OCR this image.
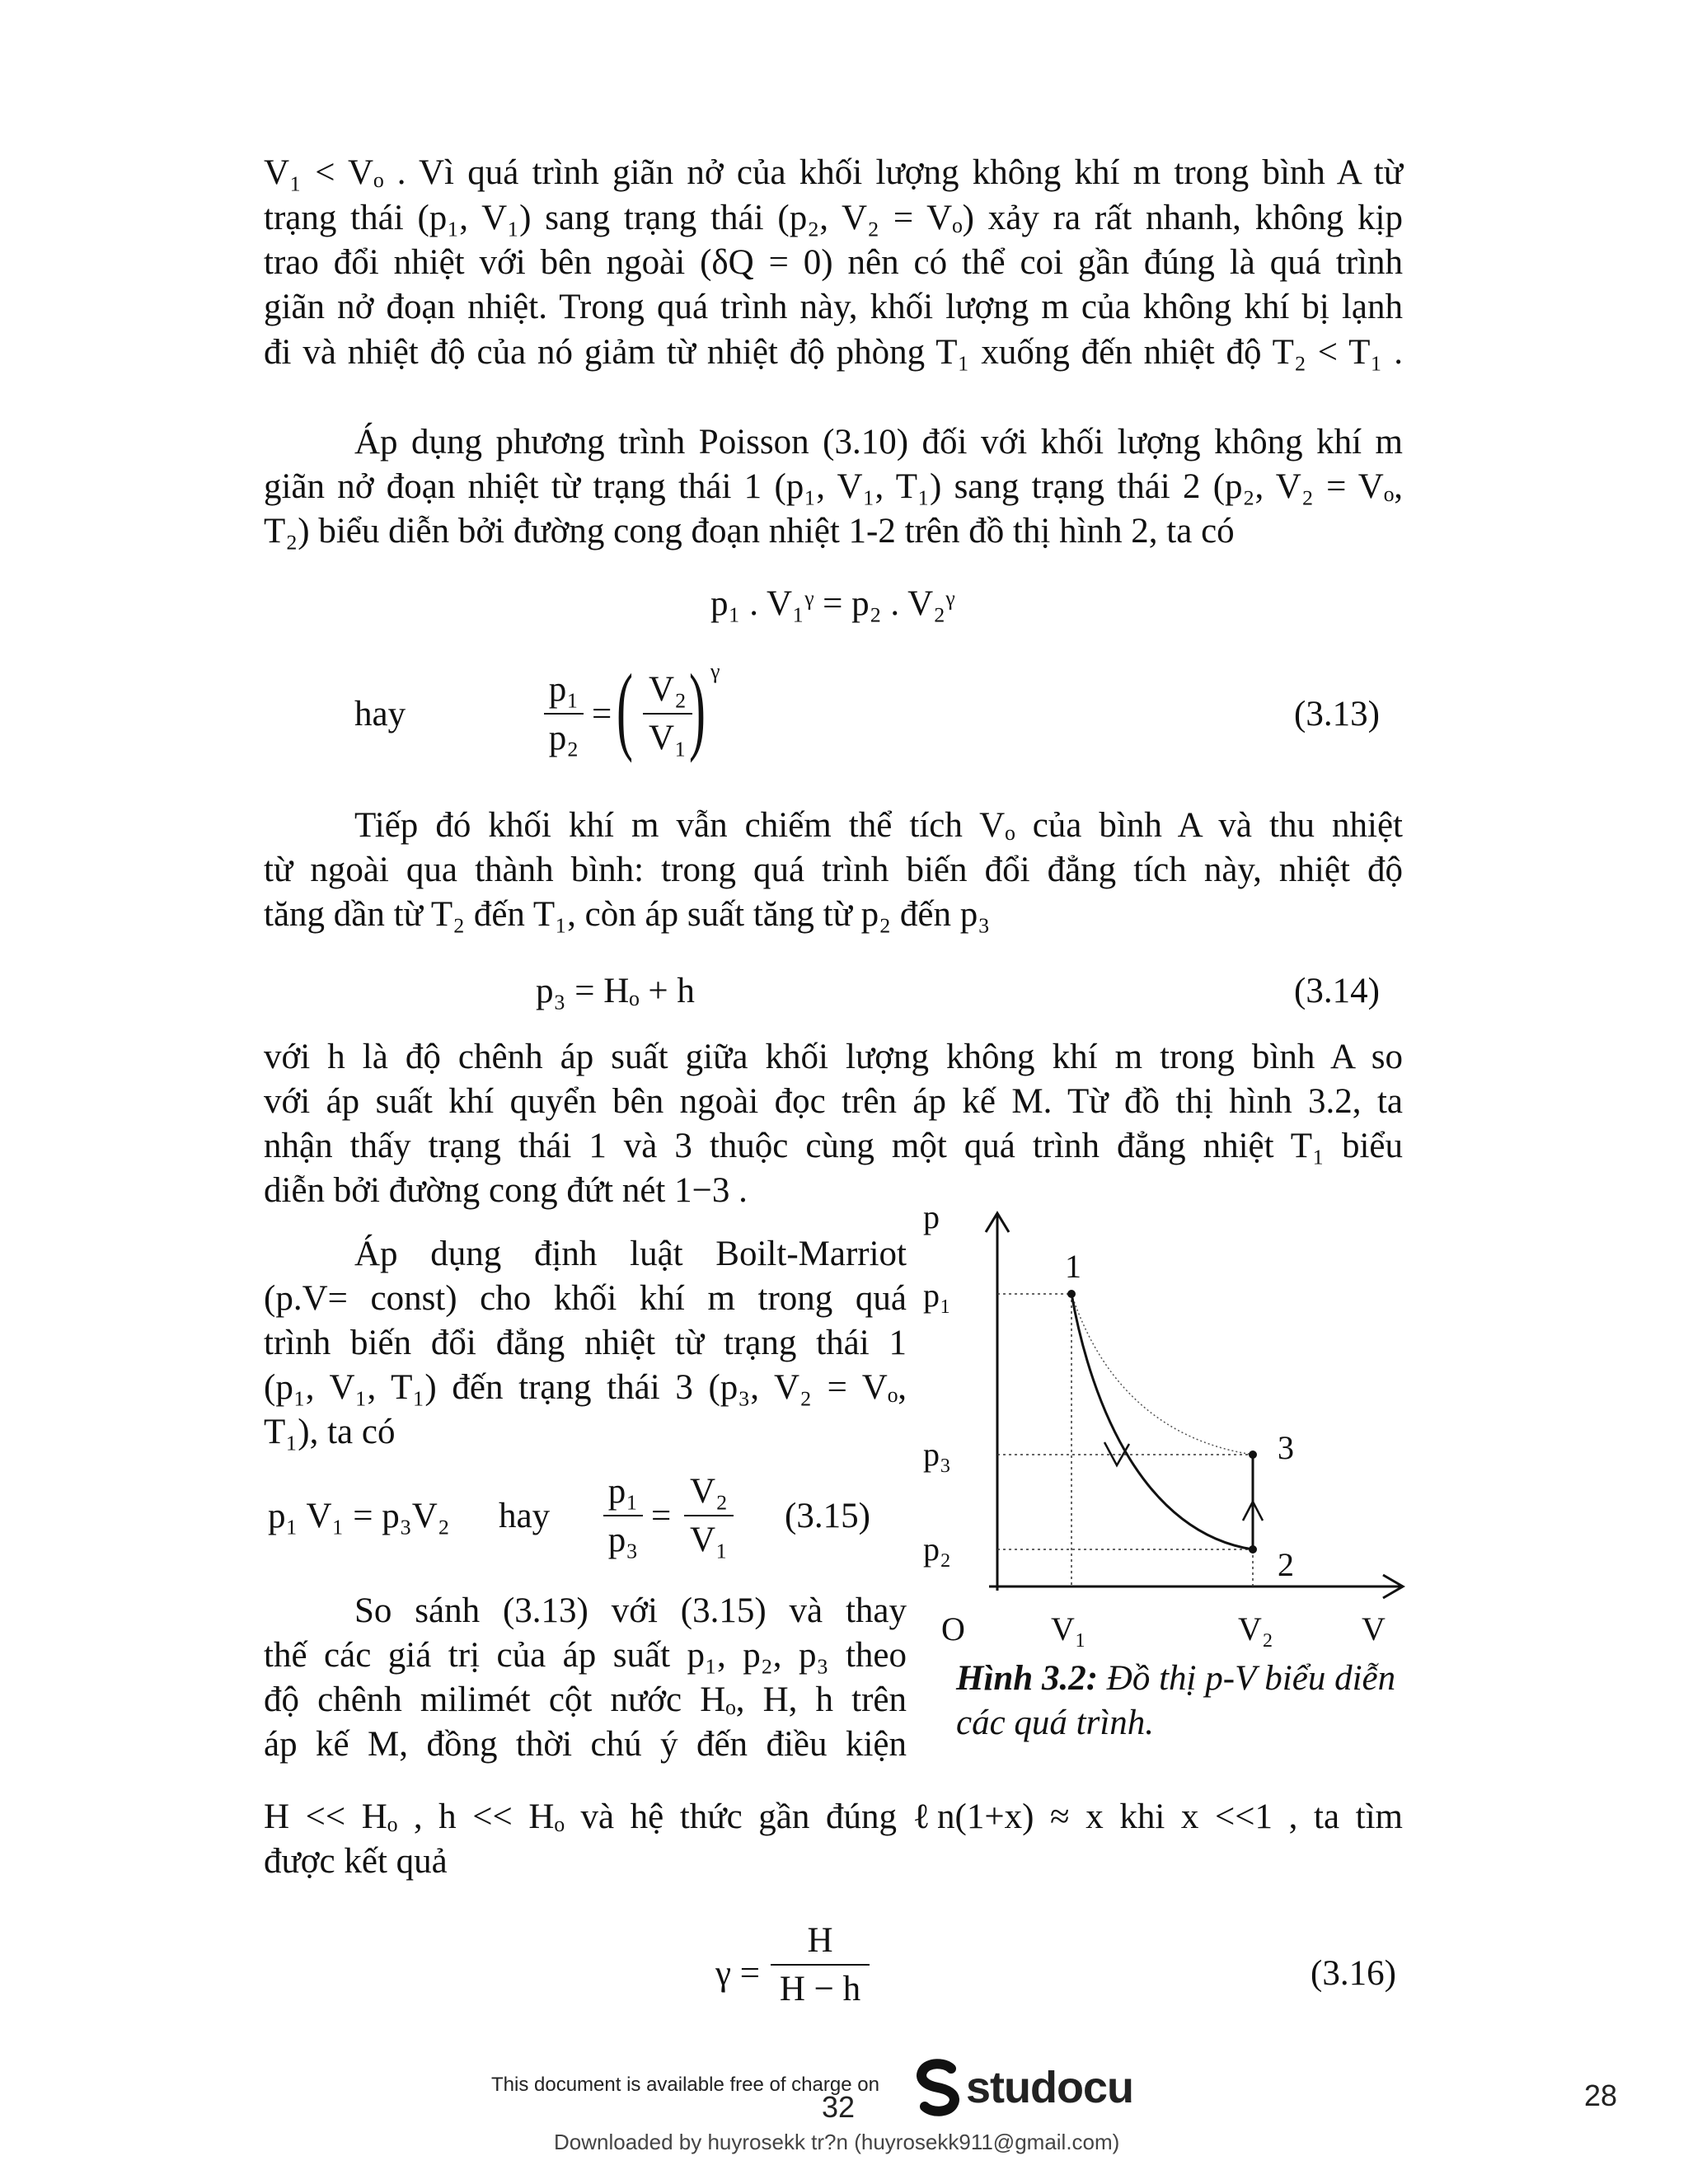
V₁ < Vₒ . Vì quá trình giãn nở của khối lượng không khí m trong bình A từ
trạng thái (p₁, V₁) sang trạng thái (p₂, V₂ = Vₒ) xảy ra rất nhanh, không kịp
trao đổi nhiệt với bên ngoài (δQ = 0) nên có thể coi gần đúng là quá trình
giãn nở đoạn nhiệt. Trong quá trình này, khối lượng m của không khí bị lạnh
đi và nhiệt độ của nó giảm từ nhiệt độ phòng T₁ xuống đến nhiệt độ T₂ < T₁ .
Áp dụng phương trình Poisson (3.10) đối với khối lượng không khí m
giãn nở đoạn nhiệt từ trạng thái 1 (p₁, V₁, T₁) sang trạng thái 2 (p₂, V₂ = Vₒ,
T₂) biểu diễn bởi đường cong đoạn nhiệt 1-2 trên đồ thị hình 2, ta có
p₁ . V₁ᵞ = p₂ . V₂ᵞ
hay
p₁
p₂
= ( V₂
V₁ ) γ
(3.13)
Tiếp đó khối khí m vẫn chiếm thể tích Vₒ của bình A và thu nhiệt
từ ngoài qua thành bình: trong quá trình biến đổi đẳng tích này, nhiệt độ
tăng dần từ T₂ đến T₁, còn áp suất tăng từ p₂ đến p₃
p₃ = Hₒ + h	(3.14)
với h là độ chênh áp suất giữa khối lượng không khí m trong bình A so
với áp suất khí quyển bên ngoài đọc trên áp kế M. Từ đồ thị hình 3.2, ta
nhận thấy trạng thái 1 và 3 thuộc cùng một quá trình đẳng nhiệt T₁ biểu
diễn bởi đường cong đứt nét 1−3 .
Áp dụng định luật Boilt-Marriot
(p.V= const) cho khối khí m trong quá
trình biến đổi đẳng nhiệt từ trạng thái 1
(p₁, V₁, T₁) đến trạng thái 3 (p₃, V₂ = Vₒ,
T₁), ta có
p₁ V₁ = p₃V₂ hay
p₁
p₃
=
V₂
V₁
(3.15)
So sánh (3.13) với (3.15) và thay
thế các giá trị của áp suất p₁, p₂, p₃ theo
độ chênh milimét cột nước Hₒ, H, h trên
áp kế M, đồng thời chú ý đến điều kiện
p
p₁
p₃
p₂
O	V₁	V₂	V
1
3
2
Hình 3.2: Đồ thị p-V biểu diễn các quá trình.
H << Hₒ , h << Hₒ và hệ thức gần đúng ℓn(1+x) ≈ x khi x <<1 , ta tìm
được kết quả
γ =
H
H − h	(3.16)
This document is available free of charge on studocu
32	28
Downloaded by huyrosekk tr?n (huyrosekk911@gmail.com)
